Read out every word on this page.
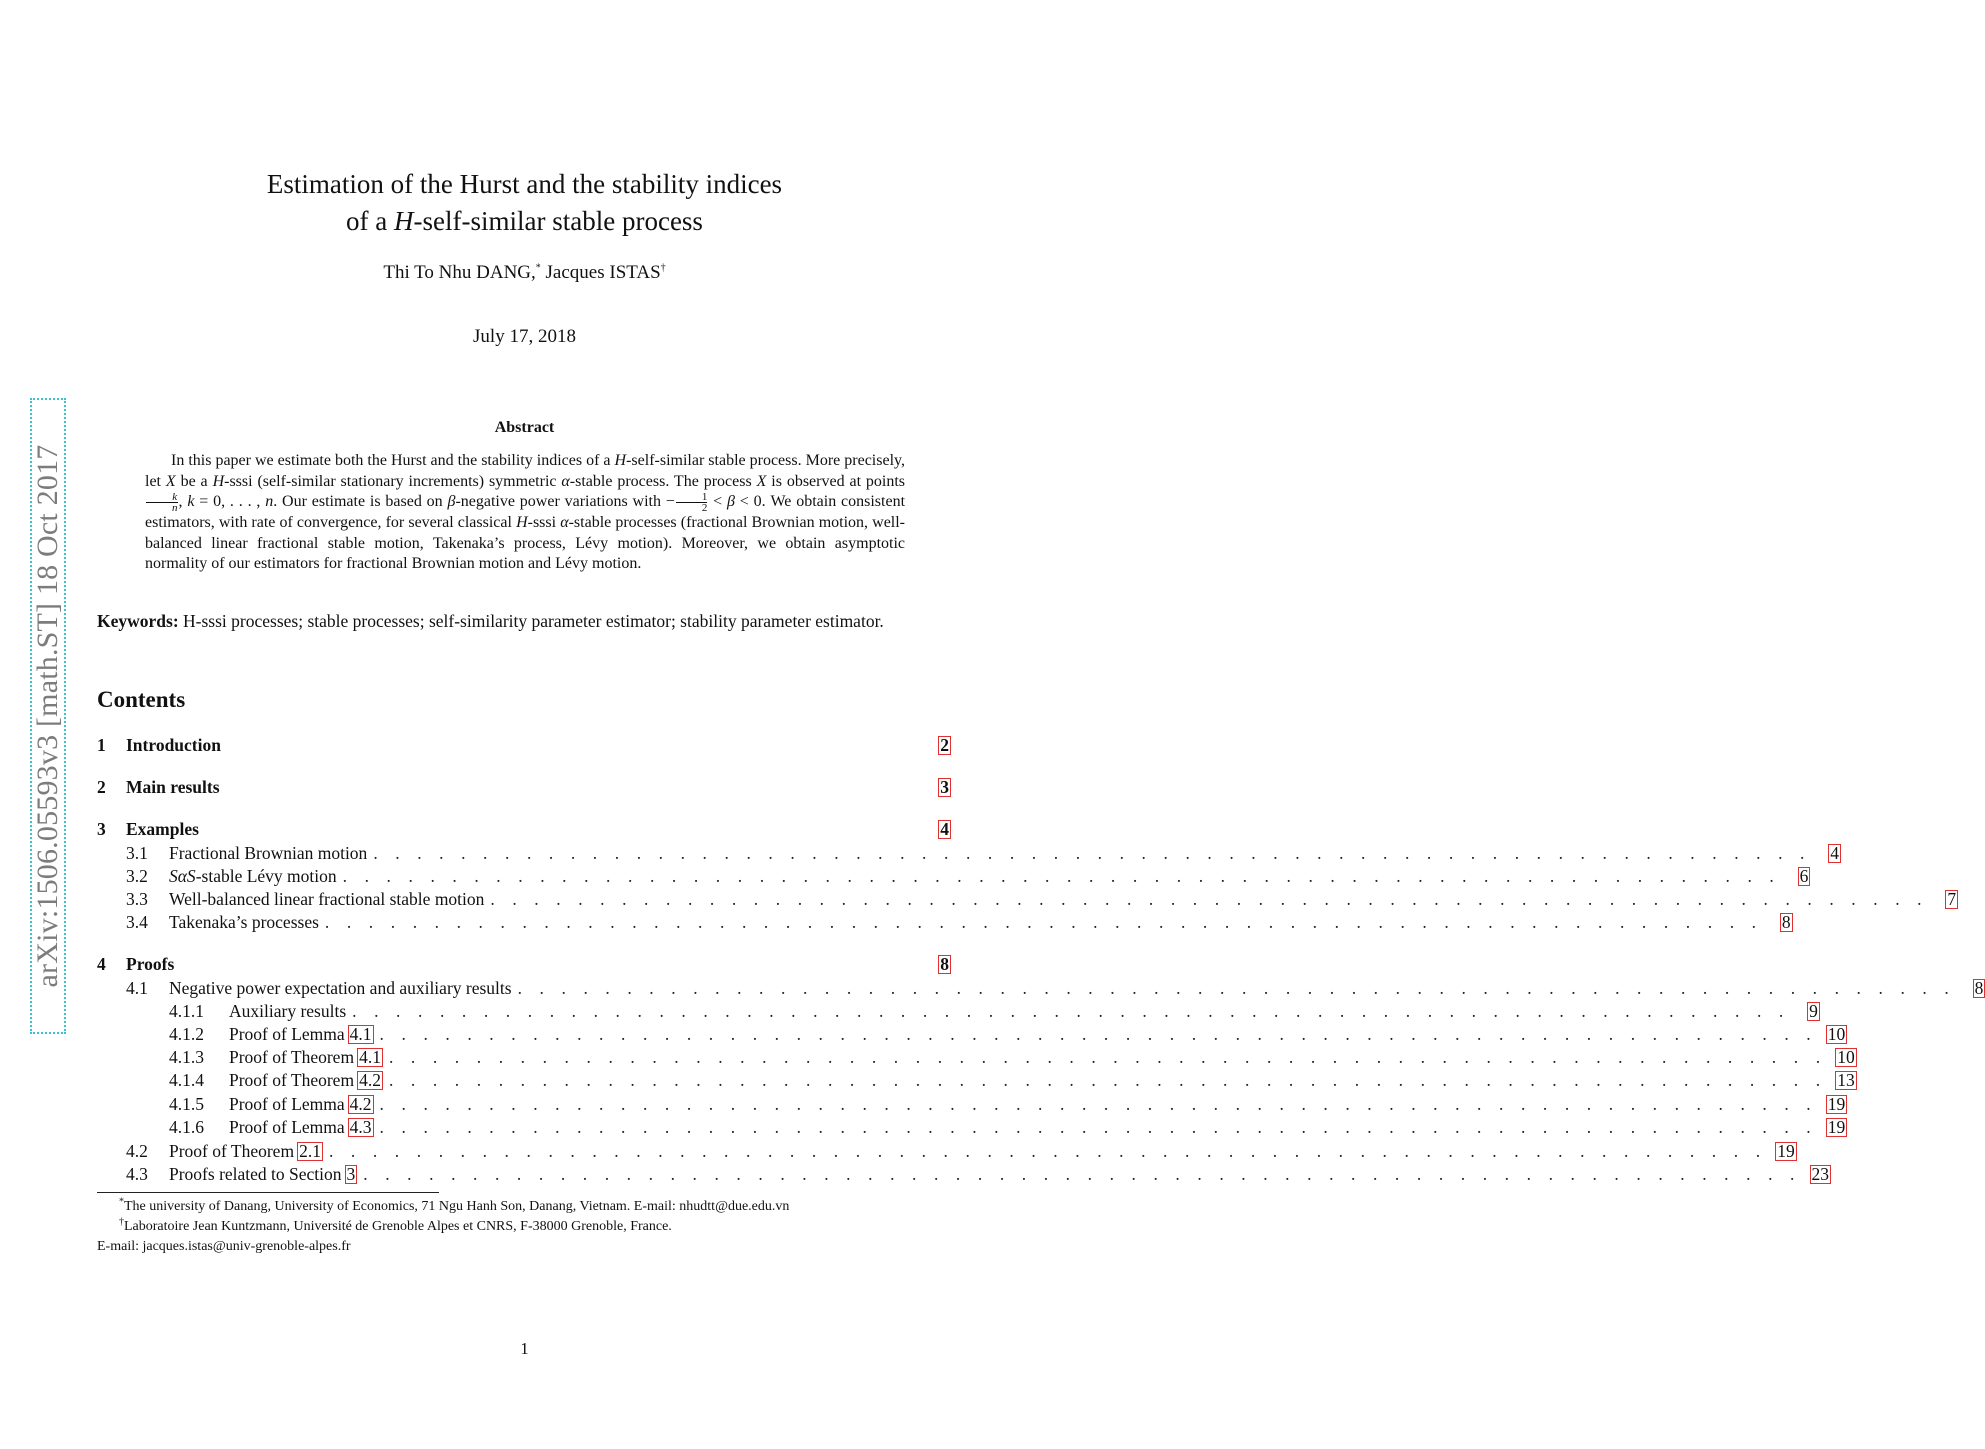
arXiv:1506.05593v3 [math.ST] 18 Oct 2017
Estimation of the Hurst and the stability indices
of a H-self-similar stable process
Thi To Nhu DANG,* Jacques ISTAS†
July 17, 2018
Abstract

In this paper we estimate both the Hurst and the stability indices of a H-self-similar stable process. More precisely, let X be a H-sssi (self-similar stationary increments) symmetric α-stable process. The process X is observed at points
$\frac{k}{n}$ , k = 0, . . . , n. Our estimate is based on β-negative power variations with − $\frac{1}{2} < \beta < 0$. We obtain consistent estimators, with rate of convergence, for several classical H-sssi α-stable processes (fractional Brownian motion, well-balanced linear fractional stable motion, Takenaka’s process, Lévy motion). Moreover, we obtain asymptotic normality of our estimators for fractional Brownian motion and Lévy motion.

Keywords: H-sssi processes; stable processes; self-similarity parameter estimator; stability parameter estimator.
Contents
1	Introduction	2
2	Main results	3
3	Examples	4
3.1	Fractional Brownian motion . . . . . . . . . . . . . . . . . . . . . . . . . . . . . . . . . . . . . . . . . . . . . . . . . . . . . . . . . . . . . . . . . .	4
3.2	SαS-stable Lévy motion . . . . . . . . . . . . . . . . . . . . . . . . . . . . . . . . . . . . . . . . . . . . . . . . . . . . . . . . . . . . . . . . . .	6
3.3	Well-balanced linear fractional stable motion . . . . . . . . . . . . . . . . . . . . . . . . . . . . . . . . . . . . . . . . . . . . . . . . . . . . . . . . . . . . . . . . . .	7
3.4	Takenaka’s processes . . . . . . . . . . . . . . . . . . . . . . . . . . . . . . . . . . . . . . . . . . . . . . . . . . . . . . . . . . . . . . . . . .	8
4	Proofs	8
4.1	Negative power expectation and auxiliary results . . . . . . . . . . . . . . . . . . . . . . . . . . . . . . . . . . . . . . . . . . . . . . . . . . . . . . . . . . . . . . . . . .	8
4.1.1	Auxiliary results . . . . . . . . . . . . . . . . . . . . . . . . . . . . . . . . . . . . . . . . . . . . . . . . . . . . . . . . . . . . . . . . . .	9
4.1.2	Proof of Lemma 4.1 . . . . . . . . . . . . . . . . . . . . . . . . . . . . . . . . . . . . . . . . . . . . . . . . . . . . . . . . . . . . . . . . . . 10
4.1.3	Proof of Theorem 4.1 . . . . . . . . . . . . . . . . . . . . . . . . . . . . . . . . . . . . . . . . . . . . . . . . . . . . . . . . . . . . . . . . . . 10
4.1.4	Proof of Theorem 4.2 . . . . . . . . . . . . . . . . . . . . . . . . . . . . . . . . . . . . . . . . . . . . . . . . . . . . . . . . . . . . . . . . . . 13
4.1.5	Proof of Lemma 4.2 . . . . . . . . . . . . . . . . . . . . . . . . . . . . . . . . . . . . . . . . . . . . . . . . . . . . . . . . . . . . . . . . . . 19
4.1.6	Proof of Lemma 4.3 . . . . . . . . . . . . . . . . . . . . . . . . . . . . . . . . . . . . . . . . . . . . . . . . . . . . . . . . . . . . . . . . . . 19
4.2	Proof of Theorem 2.1 . . . . . . . . . . . . . . . . . . . . . . . . . . . . . . . . . . . . . . . . . . . . . . . . . . . . . . . . . . . . . . . . . . 19
4.3	Proofs related to Section 3 . . . . . . . . . . . . . . . . . . . . . . . . . . . . . . . . . . . . . . . . . . . . . . . . . . . . . . . . . . . . . . . . . . 23

*The university of Danang, University of Economics, 71 Ngu Hanh Son, Danang, Vietnam. E-mail: nhudtt@due.edu.vn

†Laboratoire Jean Kuntzmann, Université de Grenoble Alpes et CNRS, F-38000 Grenoble, France.

E-mail: jacques.istas@univ-grenoble-alpes.fr

1
